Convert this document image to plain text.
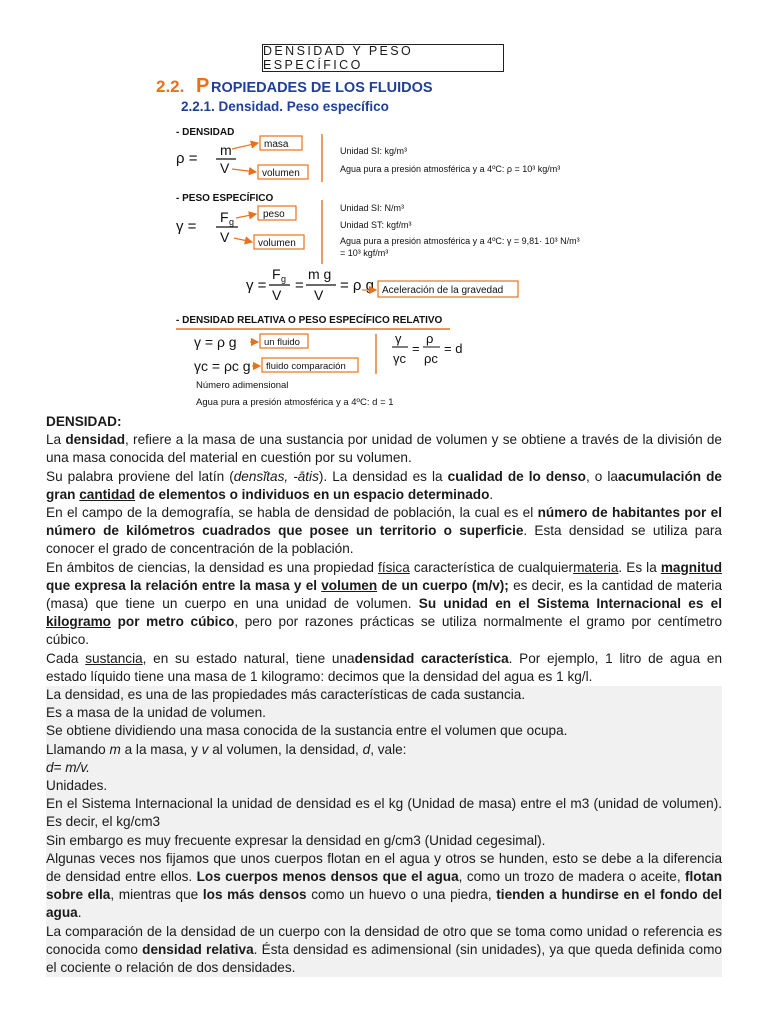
DENSIDAD Y PESO ESPECÍFICO
2.2. P ROPIEDADES DE LOS FLUIDOS
2.2.1. Densidad. Peso específico
- DENSIDAD
ρ = m
V
masa
volumen
Unidad SI: kg/m³
Agua pura a presión atmosférica y a 4ºC: ρ = 10³ kg/m³
- PESO ESPECÍFICO
γ =
F g
V
peso
volumen
Unidad SI: N/m³
Unidad ST: kgf/m³
Agua pura a presión atmosférica y a 4ºC: γ = 9,81· 10³ N/m³
= 10³ kgf/m³
γ =
F g
V
=
m g
V
= ρ g Aceleración de la gravedad
- DENSIDAD RELATIVA O PESO ESPECÍFICO RELATIVO
γ = ρ g	un fluido
γc = ρc g fluido comparación
γ
γc
=
ρ
ρc
= d
Número adimensional
Agua pura a presión atmosférica y a 4ºC: d = 1

DENSIDAD:

La densidad, refiere a la masa de una sustancia por unidad de volumen y se obtiene a través de la división de una masa conocida del material en cuestión por su volumen.

Su palabra proviene del latín (densĭtas, -ātis). La densidad es la cualidad de lo denso, o laacumulación de gran cantidad de elementos o individuos en un espacio determinado.

En el campo de la demografía, se habla de densidad de población, la cual es el número de habitantes por el número de kilómetros cuadrados que posee un territorio o superficie. Esta densidad se utiliza para conocer el grado de concentración de la población.

En ámbitos de ciencias, la densidad es una propiedad física característica de cualquiermateria. Es la magnitud que expresa la relación entre la masa y el volumen de un cuerpo (m/v); es decir, es la cantidad de materia (masa) que tiene un cuerpo en una unidad de volumen. Su unidad en el Sistema Internacional es el kilogramo por metro cúbico, pero por razones prácticas se utiliza normalmente el gramo por centímetro cúbico.

Cada sustancia, en su estado natural, tiene unadensidad característica. Por ejemplo, 1 litro de agua en estado líquido tiene una masa de 1 kilogramo: decimos que la densidad del agua es 1 kg/l.

La densidad, es una de las propiedades más características de cada sustancia.

Es a masa de la unidad de volumen.

Se obtiene dividiendo una masa conocida de la sustancia entre el volumen que ocupa.

Llamando m a la masa, y v al volumen, la densidad, d, vale:

d= m/v.

Unidades.

En el Sistema Internacional la unidad de densidad es el kg (Unidad de masa) entre el m3 (unidad de volumen). Es decir, el kg/cm3

Sin embargo es muy frecuente expresar la densidad en g/cm3 (Unidad cegesimal).

Algunas veces nos fijamos que unos cuerpos flotan en el agua y otros se hunden, esto se debe a la diferencia de densidad entre ellos. Los cuerpos menos densos que el agua, como un trozo de madera o aceite, flotan sobre ella, mientras que los más densos como un huevo o una piedra, tienden a hundirse en el fondo del agua.

La comparación de la densidad de un cuerpo con la densidad de otro que se toma como unidad o referencia es conocida como densidad relativa. Ésta densidad es adimensional (sin unidades), ya que queda definida como el cociente o relación de dos densidades.
